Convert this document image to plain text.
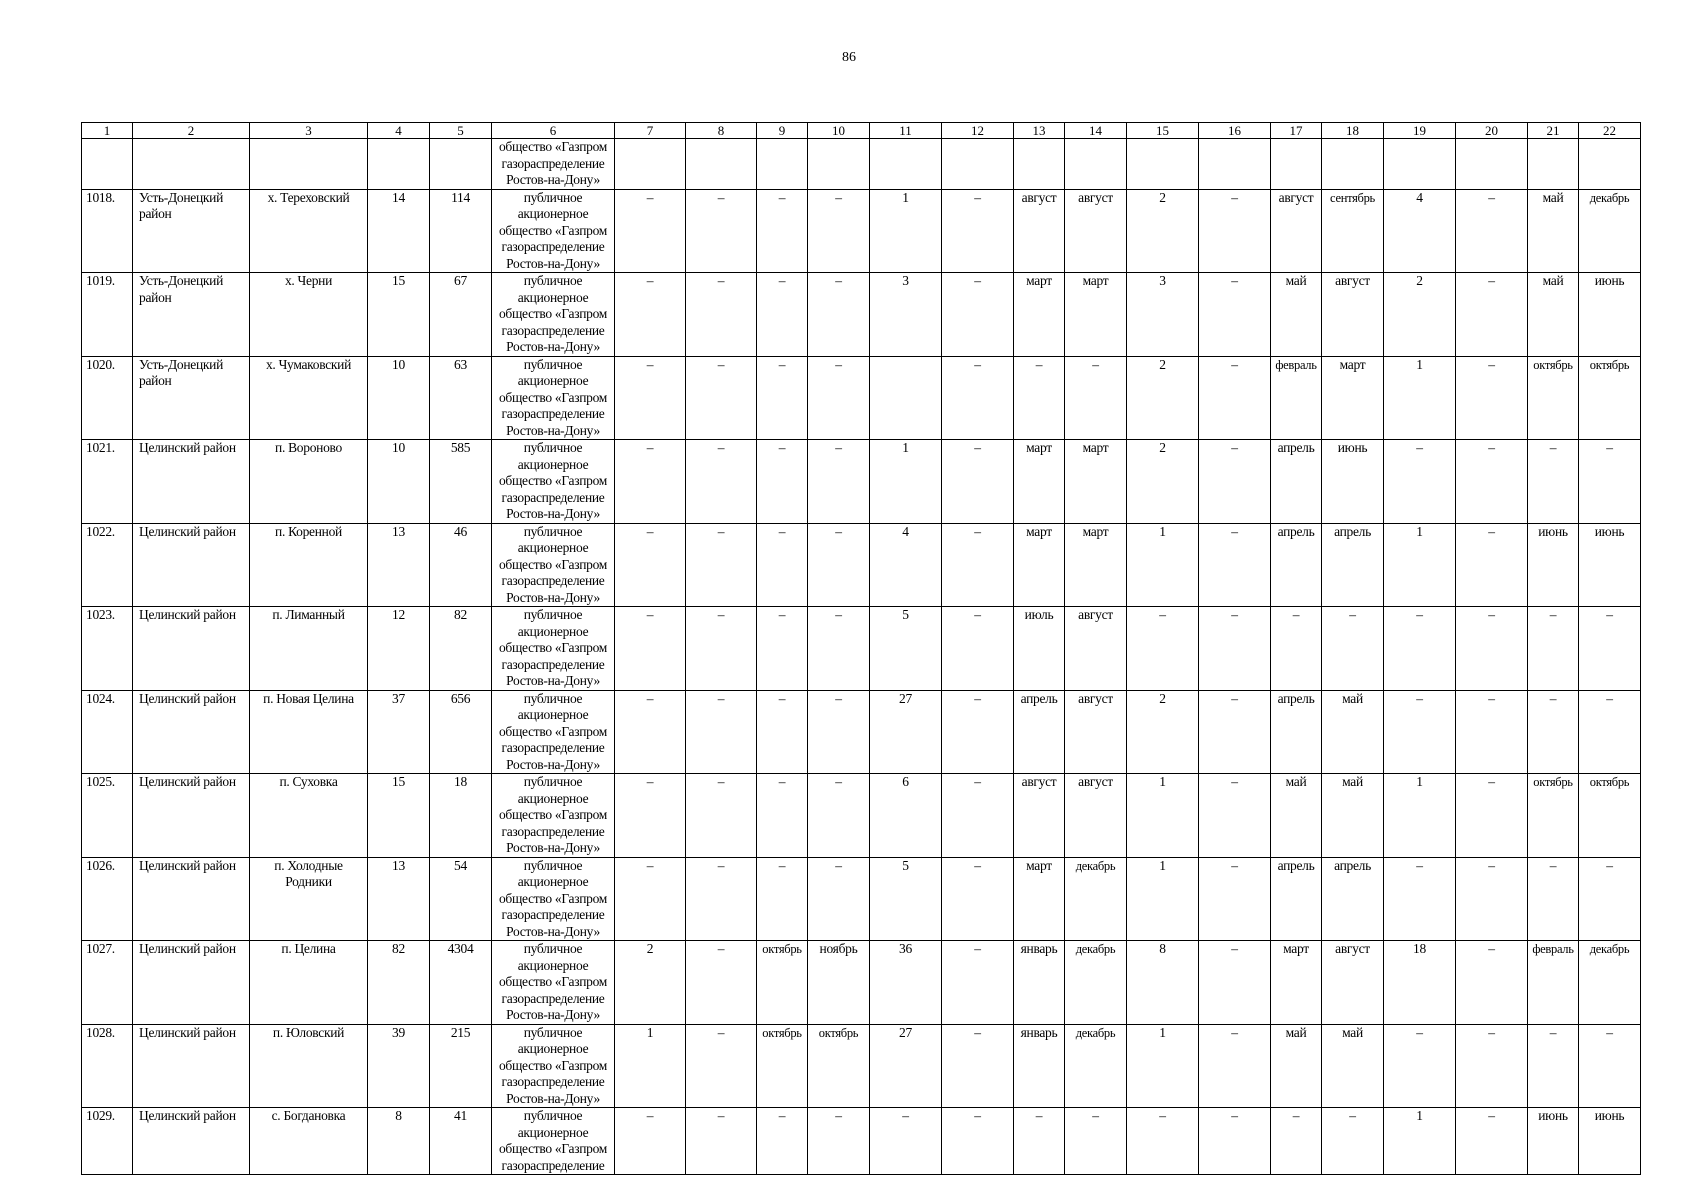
86
1	2	3	4	5	6	7	8	9	10	11	12	13	14	15	16	17	18	19	20	21	22
					общество «Газпром
газораспределение
Ростов-на-Дону»																
1018.	Усть-Донецкий район	х. Тереховский	14	114	публичное
акционерное
общество «Газпром
газораспределение
Ростов-на-Дону»	–	–	–	–	1	–	август	август	2	–	август	сентябрь	4	–	май	декабрь
1019.	Усть-Донецкий район	х. Черни	15	67	публичное
акционерное
общество «Газпром
газораспределение
Ростов-на-Дону»	–	–	–	–	3	–	март	март	3	–	май	август	2	–	май	июнь
1020.	Усть-Донецкий район	х. Чумаковский	10	63	публичное
акционерное
общество «Газпром
газораспределение
Ростов-на-Дону»	–	–	–	–		–	–	–	2	–	февраль	март	1	–	октябрь	октябрь
1021.	Целинский район	п. Вороново	10	585	публичное
акционерное
общество «Газпром
газораспределение
Ростов-на-Дону»	–	–	–	–	1	–	март	март	2	–	апрель	июнь	–	–	–	–
1022.	Целинский район	п. Коренной	13	46	публичное
акционерное
общество «Газпром
газораспределение
Ростов-на-Дону»	–	–	–	–	4	–	март	март	1	–	апрель	апрель	1	–	июнь	июнь
1023.	Целинский район	п. Лиманный	12	82	публичное
акционерное
общество «Газпром
газораспределение
Ростов-на-Дону»	–	–	–	–	5	–	июль	август	–	–	–	–	–	–	–	–
1024.	Целинский район	п. Новая Целина	37	656	публичное
акционерное
общество «Газпром
газораспределение
Ростов-на-Дону»	–	–	–	–	27	–	апрель	август	2	–	апрель	май	–	–	–	–
1025.	Целинский район	п. Суховка	15	18	публичное
акционерное
общество «Газпром
газораспределение
Ростов-на-Дону»	–	–	–	–	6	–	август	август	1	–	май	май	1	–	октябрь	октябрь
1026.	Целинский район	п. Холодные Родники	13	54	публичное
акционерное
общество «Газпром
газораспределение
Ростов-на-Дону»	–	–	–	–	5	–	март	декабрь	1	–	апрель	апрель	–	–	–	–
1027.	Целинский район	п. Целина	82	4304	публичное
акционерное
общество «Газпром
газораспределение
Ростов-на-Дону»	2	–	октябрь	ноябрь	36	–	январь	декабрь	8	–	март	август	18	–	февраль	декабрь
1028.	Целинский район	п. Юловский	39	215	публичное
акционерное
общество «Газпром
газораспределение
Ростов-на-Дону»	1	–	октябрь	октябрь	27	–	январь	декабрь	1	–	май	май	–	–	–	–
1029.	Целинский район	с. Богдановка	8	41	публичное
акционерное
общество «Газпром
газораспределение	–	–	–	–	–	–	–	–	–	–	–	–	1	–	июнь	июнь
